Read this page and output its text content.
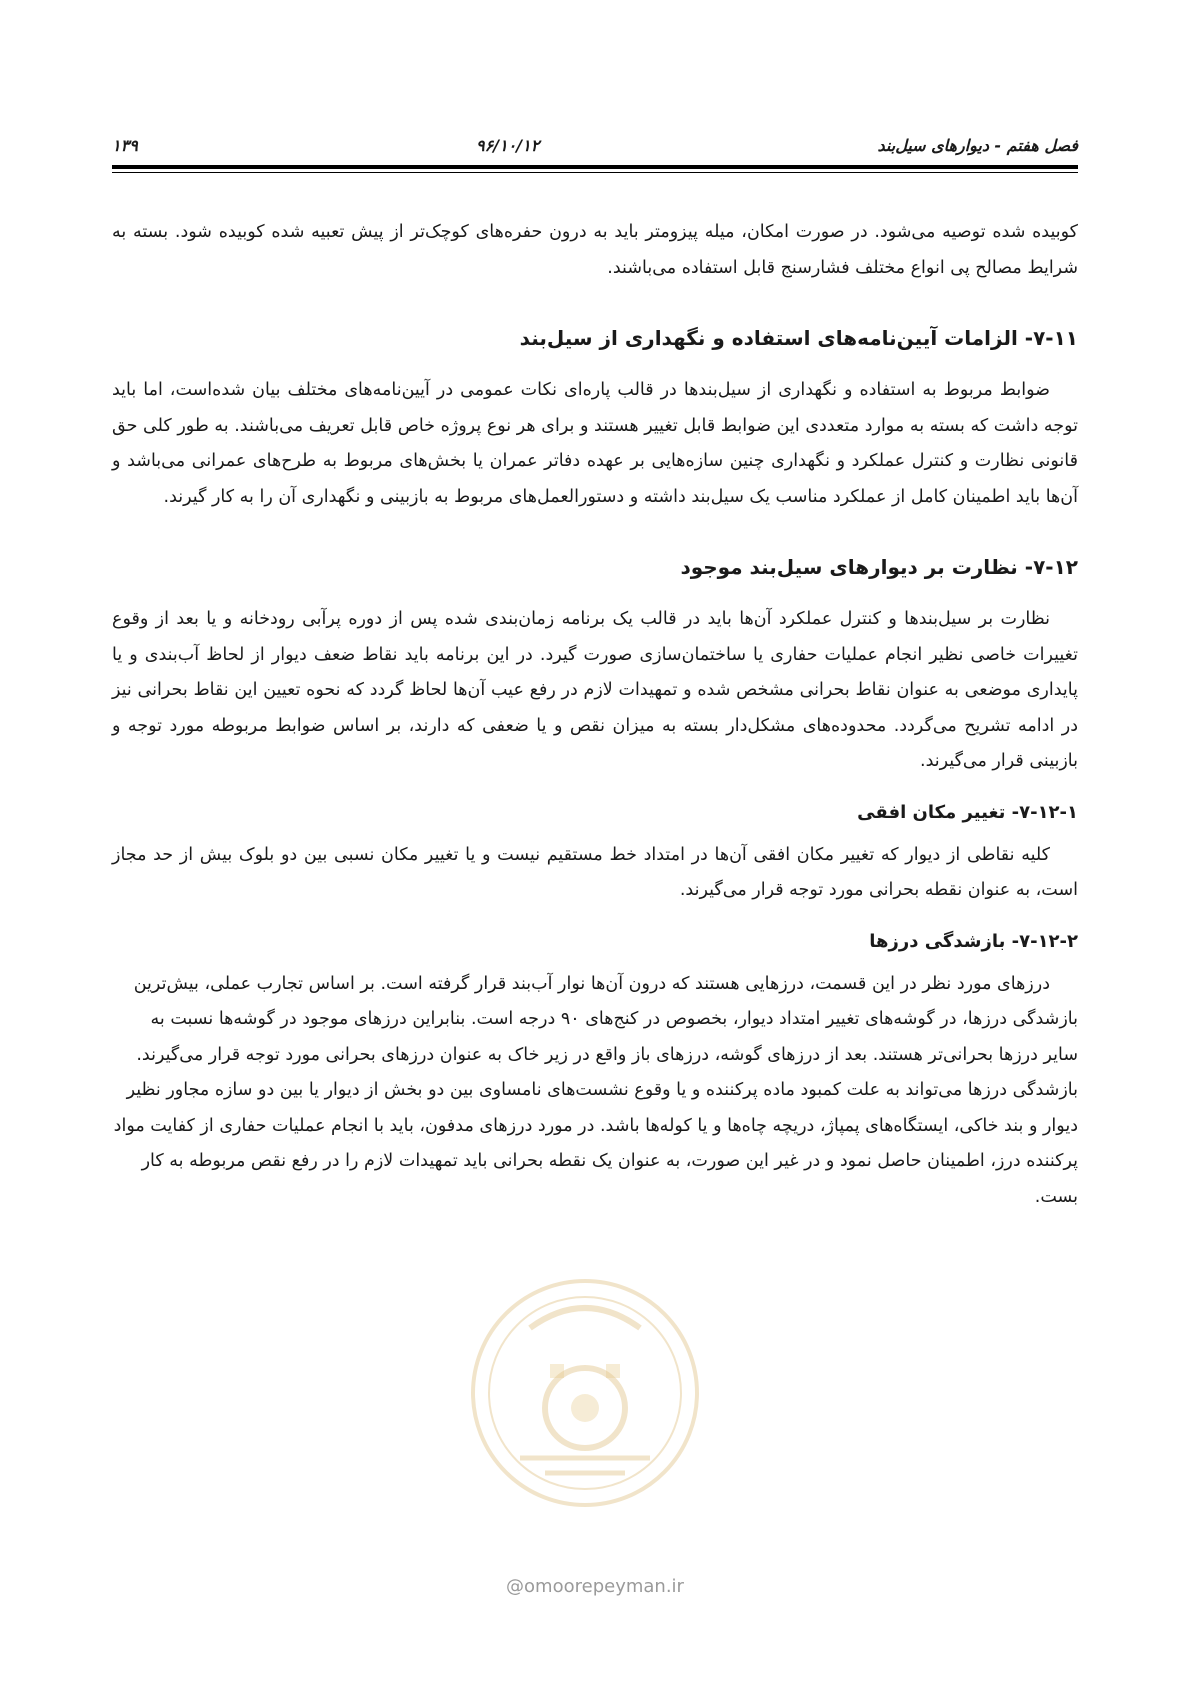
۱۳۹	۹۶/۱۰/۱۲	فصل هفتم - دیوارهای سیل‌بند

کوبیده شده توصیه می‌شود. در صورت امکان، میله پیزومتر باید به درون حفره‌های کوچک‌تر از پیش تعبیه شده کوبیده شود. بسته به شرایط مصالح پی انواع مختلف فشارسنج قابل استفاده می‌باشند.

۷-۱۱- الزامات آیین‌نامه‌های استفاده و نگهداری از سیل‌بند

ضوابط مربوط به استفاده و نگهداری از سیل‌بندها در قالب پاره‌ای نکات عمومی در آیین‌نامه‌های مختلف بیان شده‌است، اما باید توجه داشت که بسته به موارد متعددی این ضوابط قابل تغییر هستند و برای هر نوع پروژه خاص قابل تعریف می‌باشند. به طور کلی حق قانونی نظارت و کنترل عملکرد و نگهداری چنین سازه‌هایی بر عهده دفاتر عمران یا بخش‌های مربوط به طرح‌های عمرانی می‌باشد و آن‌ها باید اطمینان کامل از عملکرد مناسب یک سیل‌بند داشته و دستورالعمل‌های مربوط به بازبینی و نگهداری آن را به کار گیرند.

۷-۱۲- نظارت بر دیوارهای سیل‌بند موجود

نظارت بر سیل‌بندها و کنترل عملکرد آن‌ها باید در قالب یک برنامه زمان‌بندی شده پس از دوره پرآبی رودخانه و یا بعد از وقوع تغییرات خاصی نظیر انجام عملیات حفاری یا ساختمان‌سازی صورت گیرد. در این برنامه باید نقاط ضعف دیوار از لحاظ آب‌بندی و یا پایداری موضعی به عنوان نقاط بحرانی مشخص شده و تمهیدات لازم در رفع عیب آن‌ها لحاظ گردد که نحوه تعیین این نقاط بحرانی نیز در ادامه تشریح می‌گردد. محدوده‌های مشکل‌دار بسته به میزان نقص و یا ضعفی که دارند، بر اساس ضوابط مربوطه مورد توجه و بازبینی قرار می‌گیرند.

۷-۱۲-۱- تغییر مکان افقی

کلیه نقاطی از دیوار که تغییر مکان افقی آن‌ها در امتداد خط مستقیم نیست و یا تغییر مکان نسبی بین دو بلوک بیش از حد مجاز است، به عنوان نقطه بحرانی مورد توجه قرار می‌گیرند.

۷-۱۲-۲- بازشدگی درزها

درزهای مورد نظر در این قسمت، درزهایی هستند که درون آن‌ها نوار آب‌بند قرار گرفته است. بر اساس تجارب عملی، بیش‌ترین بازشدگی درزها، در گوشه‌های تغییر امتداد دیوار، بخصوص در کنج‌های ۹۰ درجه است. بنابراین درزهای موجود در گوشه‌ها نسبت به سایر درزها بحرانی‌تر هستند. بعد از درزهای گوشه، درزهای باز واقع در زیر خاک به عنوان درزهای بحرانی مورد توجه قرار می‌گیرند. بازشدگی درزها می‌تواند به علت کمبود ماده پرکننده و یا وقوع نشست‌های نامساوی بین دو بخش از دیوار یا بین دو سازه مجاور نظیر دیوار و بند خاکی، ایستگاه‌های پمپاژ، دریچه چاه‌ها و یا کوله‌ها باشد. در مورد درزهای مدفون، باید با انجام عملیات حفاری از کفایت مواد پرکننده درز، اطمینان حاصل نمود و در غیر این صورت، به عنوان یک نقطه بحرانی باید تمهیدات لازم را در رفع نقص مربوطه به کار بست.

@omoorepeyman.ir
